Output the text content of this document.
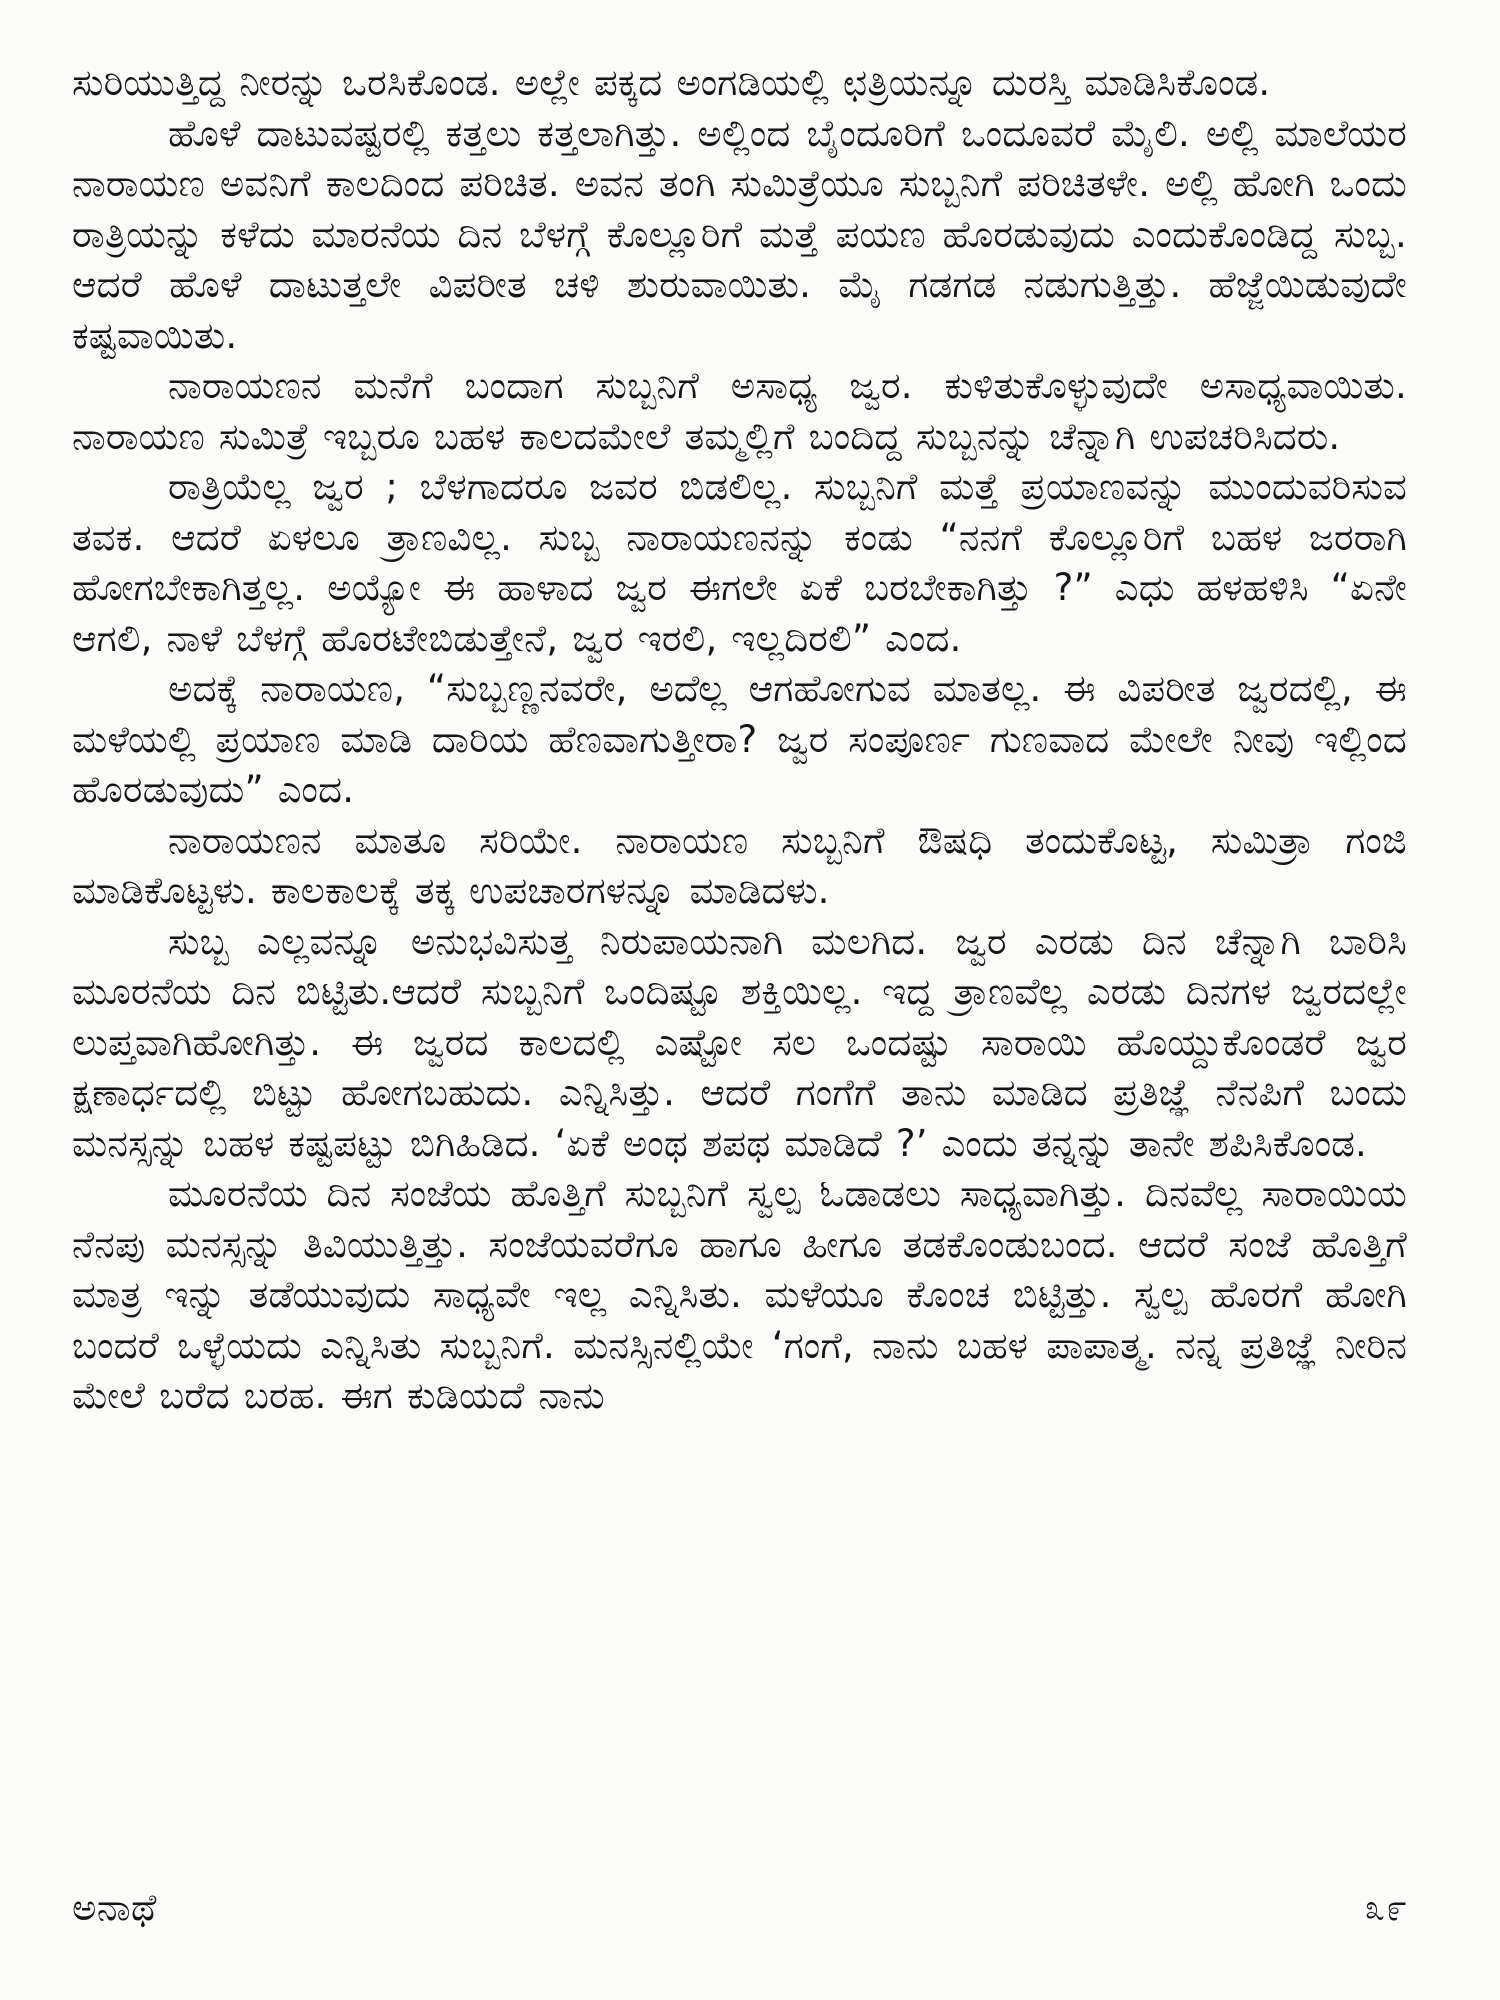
ಸುರಿಯುತ್ತಿದ್ದ ನೀರನ್ನು ಒರಸಿಕೊಂಡ. ಅಲ್ಲೇ ಪಕ್ಕದ ಅಂಗಡಿಯಲ್ಲಿ ಛತ್ರಿಯನ್ನೂ ದುರಸ್ತಿ ಮಾಡಿಸಿಕೊಂಡ.

ಹೊಳೆ ದಾಟುವಷ್ಟರಲ್ಲಿ ಕತ್ತಲು ಕತ್ತಲಾಗಿತ್ತು. ಅಲ್ಲಿಂದ ಬೈಂದೂರಿಗೆ ಒಂದೂವರೆ ಮೈಲಿ. ಅಲ್ಲಿ ಮಾಲೆಯರ ನಾರಾಯಣ ಅವನಿಗೆ ಕಾಲದಿಂದ ಪರಿಚಿತ. ಅವನ ತಂಗಿ ಸುಮಿತ್ರೆಯೂ ಸುಬ್ಬನಿಗೆ ಪರಿಚಿತಳೇ. ಅಲ್ಲಿ ಹೋಗಿ ಒಂದು ರಾತ್ರಿಯನ್ನು ಕಳೆದು ಮಾರನೆಯ ದಿನ ಬೆಳಗ್ಗೆ ಕೊಲ್ಲೂರಿಗೆ ಮತ್ತೆ ಪಯಣ ಹೊರಡುವುದು ಎಂದುಕೊಂಡಿದ್ದ ಸುಬ್ಬ. ಆದರೆ ಹೊಳೆ ದಾಟುತ್ತಲೇ ವಿಪರೀತ ಚಳಿ ಶುರುವಾಯಿತು. ಮೈ ಗಡಗಡ ನಡುಗುತ್ತಿತ್ತು. ಹೆಜ್ಜೆಯಿಡುವುದೇ ಕಷ್ಟವಾಯಿತು.

ನಾರಾಯಣನ ಮನೆಗೆ ಬಂದಾಗ ಸುಬ್ಬನಿಗೆ ಅಸಾಧ್ಯ ಜ್ವರ. ಕುಳಿತುಕೊಳ್ಳುವುದೇ ಅಸಾಧ್ಯವಾಯಿತು. ನಾರಾಯಣ ಸುಮಿತ್ರೆ ಇಬ್ಬರೂ ಬಹಳ ಕಾಲದಮೇಲೆ ತಮ್ಮಲ್ಲಿಗೆ ಬಂದಿದ್ದ ಸುಬ್ಬನನ್ನು ಚೆನ್ನಾಗಿ ಉಪಚರಿಸಿದರು.

ರಾತ್ರಿಯೆಲ್ಲ ಜ್ವರ ; ಬೆಳಗಾದರೂ ಜವರ ಬಿಡಲಿಲ್ಲ. ಸುಬ್ಬನಿಗೆ ಮತ್ತೆ ಪ್ರಯಾಣವನ್ನು ಮುಂದುವರಿಸುವ ತವಕ. ಆದರೆ ಏಳಲೂ ತ್ರಾಣವಿಲ್ಲ. ಸುಬ್ಬ ನಾರಾಯಣನನ್ನು ಕಂಡು “ನನಗೆ ಕೊಲ್ಲೂರಿಗೆ ಬಹಳ ಜರರಾಗಿ ಹೋಗಬೇಕಾಗಿತ್ತಲ್ಲ. ಅಯ್ಯೋ ಈ ಹಾಳಾದ ಜ್ವರ ಈಗಲೇ ಏಕೆ ಬರಬೇಕಾಗಿತ್ತು ?” ಎಧು ಹಳಹಳಿಸಿ “ಏನೇ ಆಗಲಿ, ನಾಳೆ ಬೆಳಗ್ಗೆ ಹೊರಟೇಬಿಡುತ್ತೇನೆ, ಜ್ವರ ಇರಲಿ, ಇಲ್ಲದಿರಲಿ” ಎಂದ.

ಅದಕ್ಕೆ ನಾರಾಯಣ, “ಸುಬ್ಬಣ್ಣನವರೇ, ಅದೆಲ್ಲ ಆಗಹೋಗುವ ಮಾತಲ್ಲ. ಈ ವಿಪರೀತ ಜ್ವರದಲ್ಲಿ, ಈ ಮಳೆಯಲ್ಲಿ ಪ್ರಯಾಣ ಮಾಡಿ ದಾರಿಯ ಹೆಣವಾಗುತ್ತೀರಾ? ಜ್ವರ ಸಂಪೂರ್ಣ ಗುಣವಾದ ಮೇಲೇ ನೀವು ಇಲ್ಲಿಂದ ಹೊರಡುವುದು” ಎಂದ.

ನಾರಾಯಣನ ಮಾತೂ ಸರಿಯೇ. ನಾರಾಯಣ ಸುಬ್ಬನಿಗೆ ಔಷಧಿ ತಂದುಕೊಟ್ಟ, ಸುಮಿತ್ರಾ ಗಂಜಿ ಮಾಡಿಕೊಟ್ಟಳು. ಕಾಲಕಾಲಕ್ಕೆ ತಕ್ಕ ಉಪಚಾರಗಳನ್ನೂ ಮಾಡಿದಳು.

ಸುಬ್ಬ ಎಲ್ಲವನ್ನೂ ಅನುಭವಿಸುತ್ತ ನಿರುಪಾಯನಾಗಿ ಮಲಗಿದ. ಜ್ವರ ಎರಡು ದಿನ ಚೆನ್ನಾಗಿ ಬಾರಿಸಿ ಮೂರನೆಯ ದಿನ ಬಿಟ್ಟಿತು.ಆದರೆ ಸುಬ್ಬನಿಗೆ ಒಂದಿಷ್ಟೂ ಶಕ್ತಿಯಿಲ್ಲ. ಇದ್ದ ತ್ರಾಣವೆಲ್ಲ ಎರಡು ದಿನಗಳ ಜ್ವರದಲ್ಲೇ ಲುಪ್ತವಾಗಿಹೋಗಿತ್ತು. ಈ ಜ್ವರದ ಕಾಲದಲ್ಲಿ ಎಷ್ಟೋ ಸಲ ಒಂದಷ್ಟು ಸಾರಾಯಿ ಹೊಯ್ದುಕೊಂಡರೆ ಜ್ವರ ಕ್ಷಣಾರ್ಧದಲ್ಲಿ ಬಿಟ್ಟು ಹೋಗಬಹುದು. ಎನ್ನಿಸಿತ್ತು. ಆದರೆ ಗಂಗೆಗೆ ತಾನು ಮಾಡಿದ ಪ್ರತಿಜ್ಞೆ ನೆನಪಿಗೆ ಬಂದು ಮನಸ್ಸನ್ನು ಬಹಳ ಕಷ್ಟಪಟ್ಟು ಬಿಗಿಹಿಡಿದ. ‘ಏಕೆ ಅಂಥ ಶಪಥ ಮಾಡಿದೆ ?’ ಎಂದು ತನ್ನನ್ನು ತಾನೇ ಶಪಿಸಿಕೊಂಡ.

ಮೂರನೆಯ ದಿನ ಸಂಜೆಯ ಹೊತ್ತಿಗೆ ಸುಬ್ಬನಿಗೆ ಸ್ವಲ್ಪ ಓಡಾಡಲು ಸಾಧ್ಯವಾಗಿತ್ತು. ದಿನವೆಲ್ಲ ಸಾರಾಯಿಯ ನೆನಪು ಮನಸ್ಸನ್ನು ತಿವಿಯುತ್ತಿತ್ತು. ಸಂಜೆಯವರೆಗೂ ಹಾಗೂ ಹೀಗೂ ತಡಕೊಂಡುಬಂದ. ಆದರೆ ಸಂಜೆ ಹೊತ್ತಿಗೆ ಮಾತ್ರ ಇನ್ನು ತಡೆಯುವುದು ಸಾಧ್ಯವೇ ಇಲ್ಲ ಎನ್ನಿಸಿತು. ಮಳೆಯೂ ಕೊಂಚ ಬಿಟ್ಟಿತ್ತು. ಸ್ವಲ್ಪ ಹೊರಗೆ ಹೋಗಿ ಬಂದರೆ ಒಳ್ಳೆಯದು ಎನ್ನಿಸಿತು ಸುಬ್ಬನಿಗೆ. ಮನಸ್ಸಿನಲ್ಲಿಯೇ ‘ಗಂಗೆ, ನಾನು ಬಹಳ ಪಾಪಾತ್ಮ. ನನ್ನ ಪ್ರತಿಜ್ಞೆ ನೀರಿನ ಮೇಲೆ ಬರೆದ ಬರಹ. ಈಗ ಕುಡಿಯದೆ ನಾನು

ಅನಾಥೆ	೩೯
